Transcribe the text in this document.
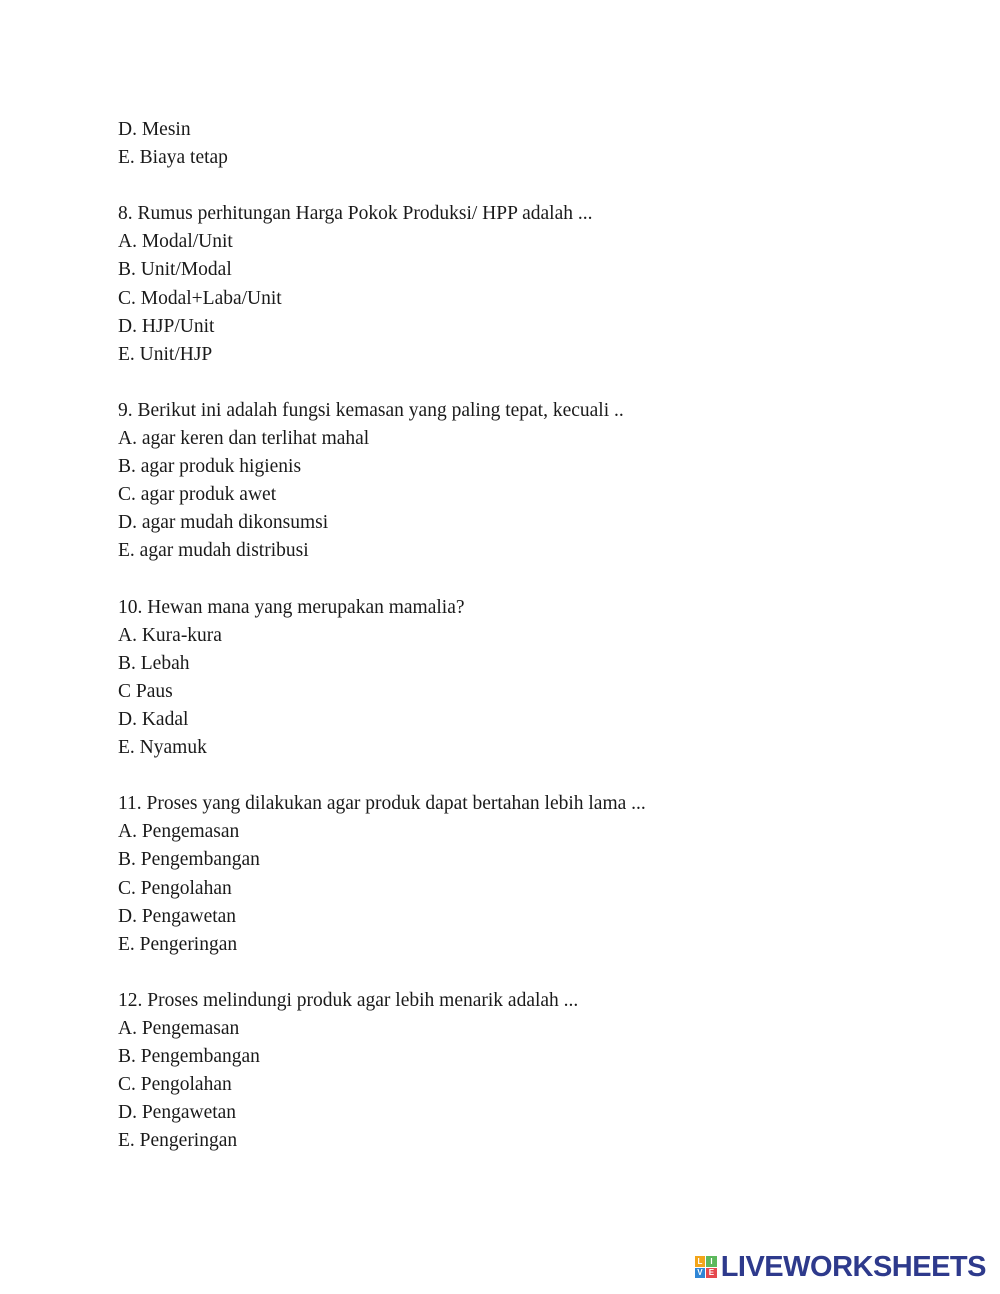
D. Mesin
E. Biaya tetap
8. Rumus perhitungan Harga Pokok Produksi/ HPP adalah ...
A. Modal/Unit
B. Unit/Modal
C. Modal+Laba/Unit
D. HJP/Unit
E. Unit/HJP
9. Berikut ini adalah fungsi kemasan yang paling tepat, kecuali ..
A. agar keren dan terlihat mahal
B. agar produk higienis
C. agar produk awet
D. agar mudah dikonsumsi
E. agar mudah distribusi
10. Hewan mana yang merupakan mamalia?
A. Kura-kura
B. Lebah
C Paus
D. Kadal
E. Nyamuk
11. Proses yang dilakukan agar produk dapat bertahan lebih lama ...
A. Pengemasan
B. Pengembangan
C. Pengolahan
D. Pengawetan
E. Pengeringan
12. Proses melindungi produk agar lebih menarik adalah ...
A. Pengemasan
B. Pengembangan
C. Pengolahan
D. Pengawetan
E. Pengeringan
L I
V E LIVEWORKSHEETS
